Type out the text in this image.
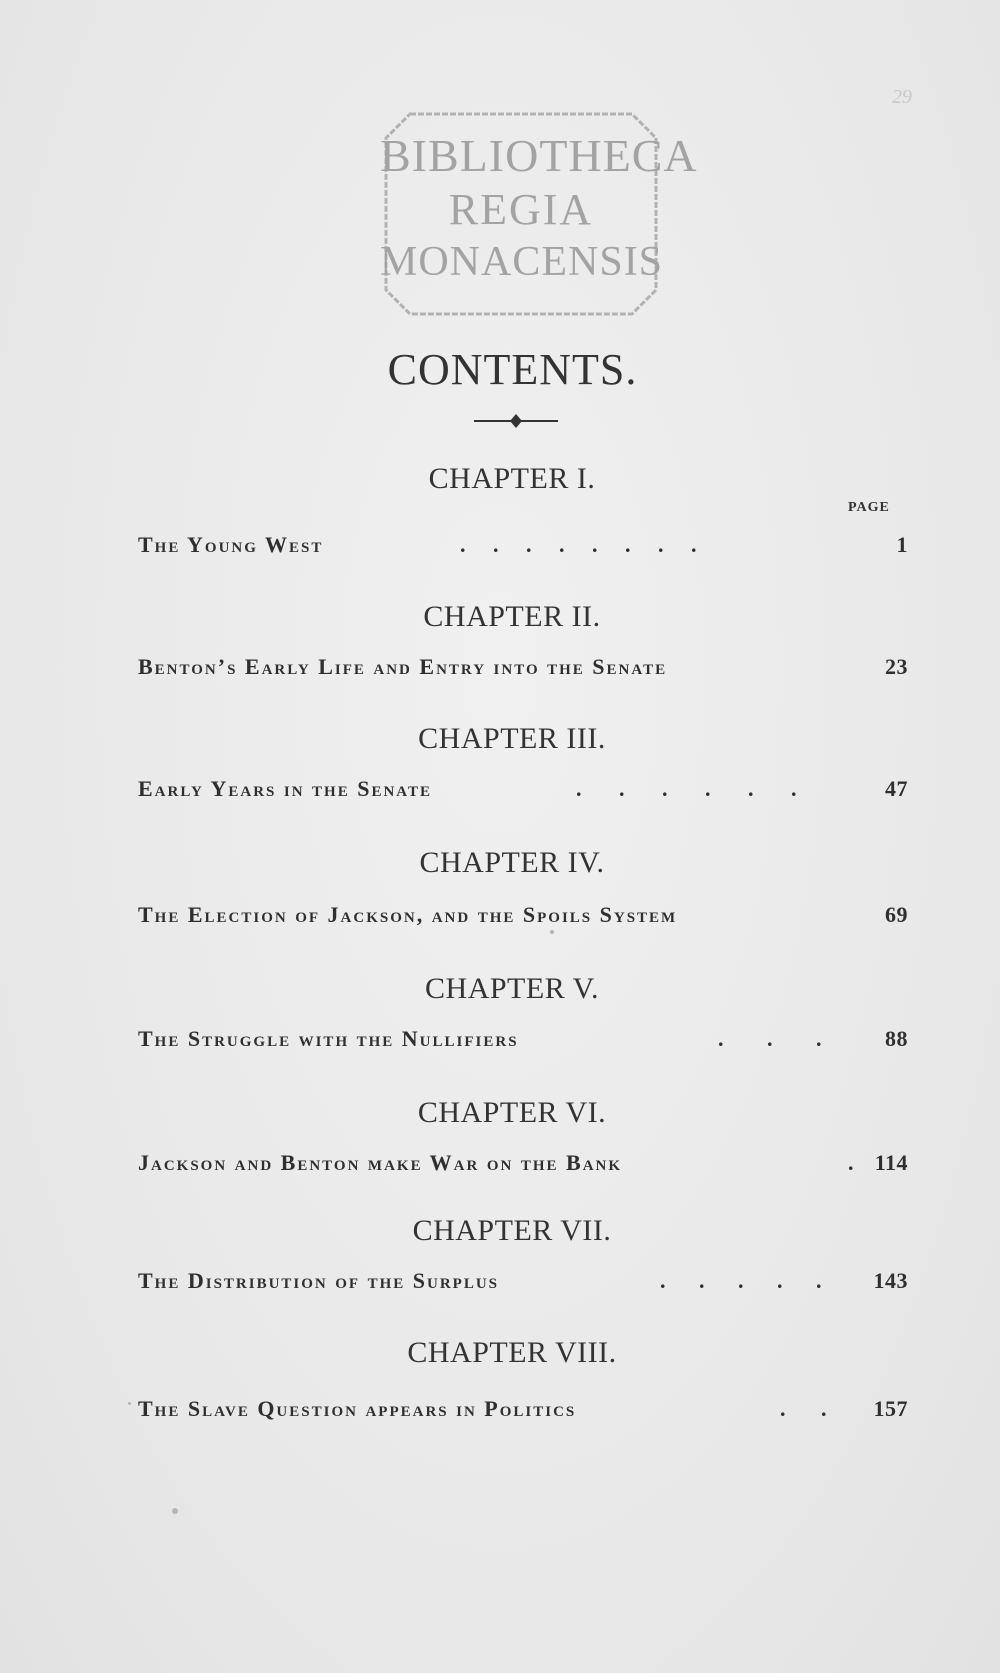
29
BIBLIOTHECA
REGIA
MONACENSIS
CONTENTS.
PAGE
CHAPTER I.
The Young West	. . . . . . . .	1
CHAPTER II.
Benton’s Early Life and Entry into the Senate	23
CHAPTER III.
Early Years in the Senate	. . . . . .	47
CHAPTER IV.
The Election of Jackson, and the Spoils System	69
CHAPTER V.
The Struggle with the Nullifiers	. . .	88
CHAPTER VI.
Jackson and Benton make War on the Bank	. 114
CHAPTER VII.
The Distribution of the Surplus	. . . . . 143
CHAPTER VIII.
The Slave Question appears in Politics	. . 157
